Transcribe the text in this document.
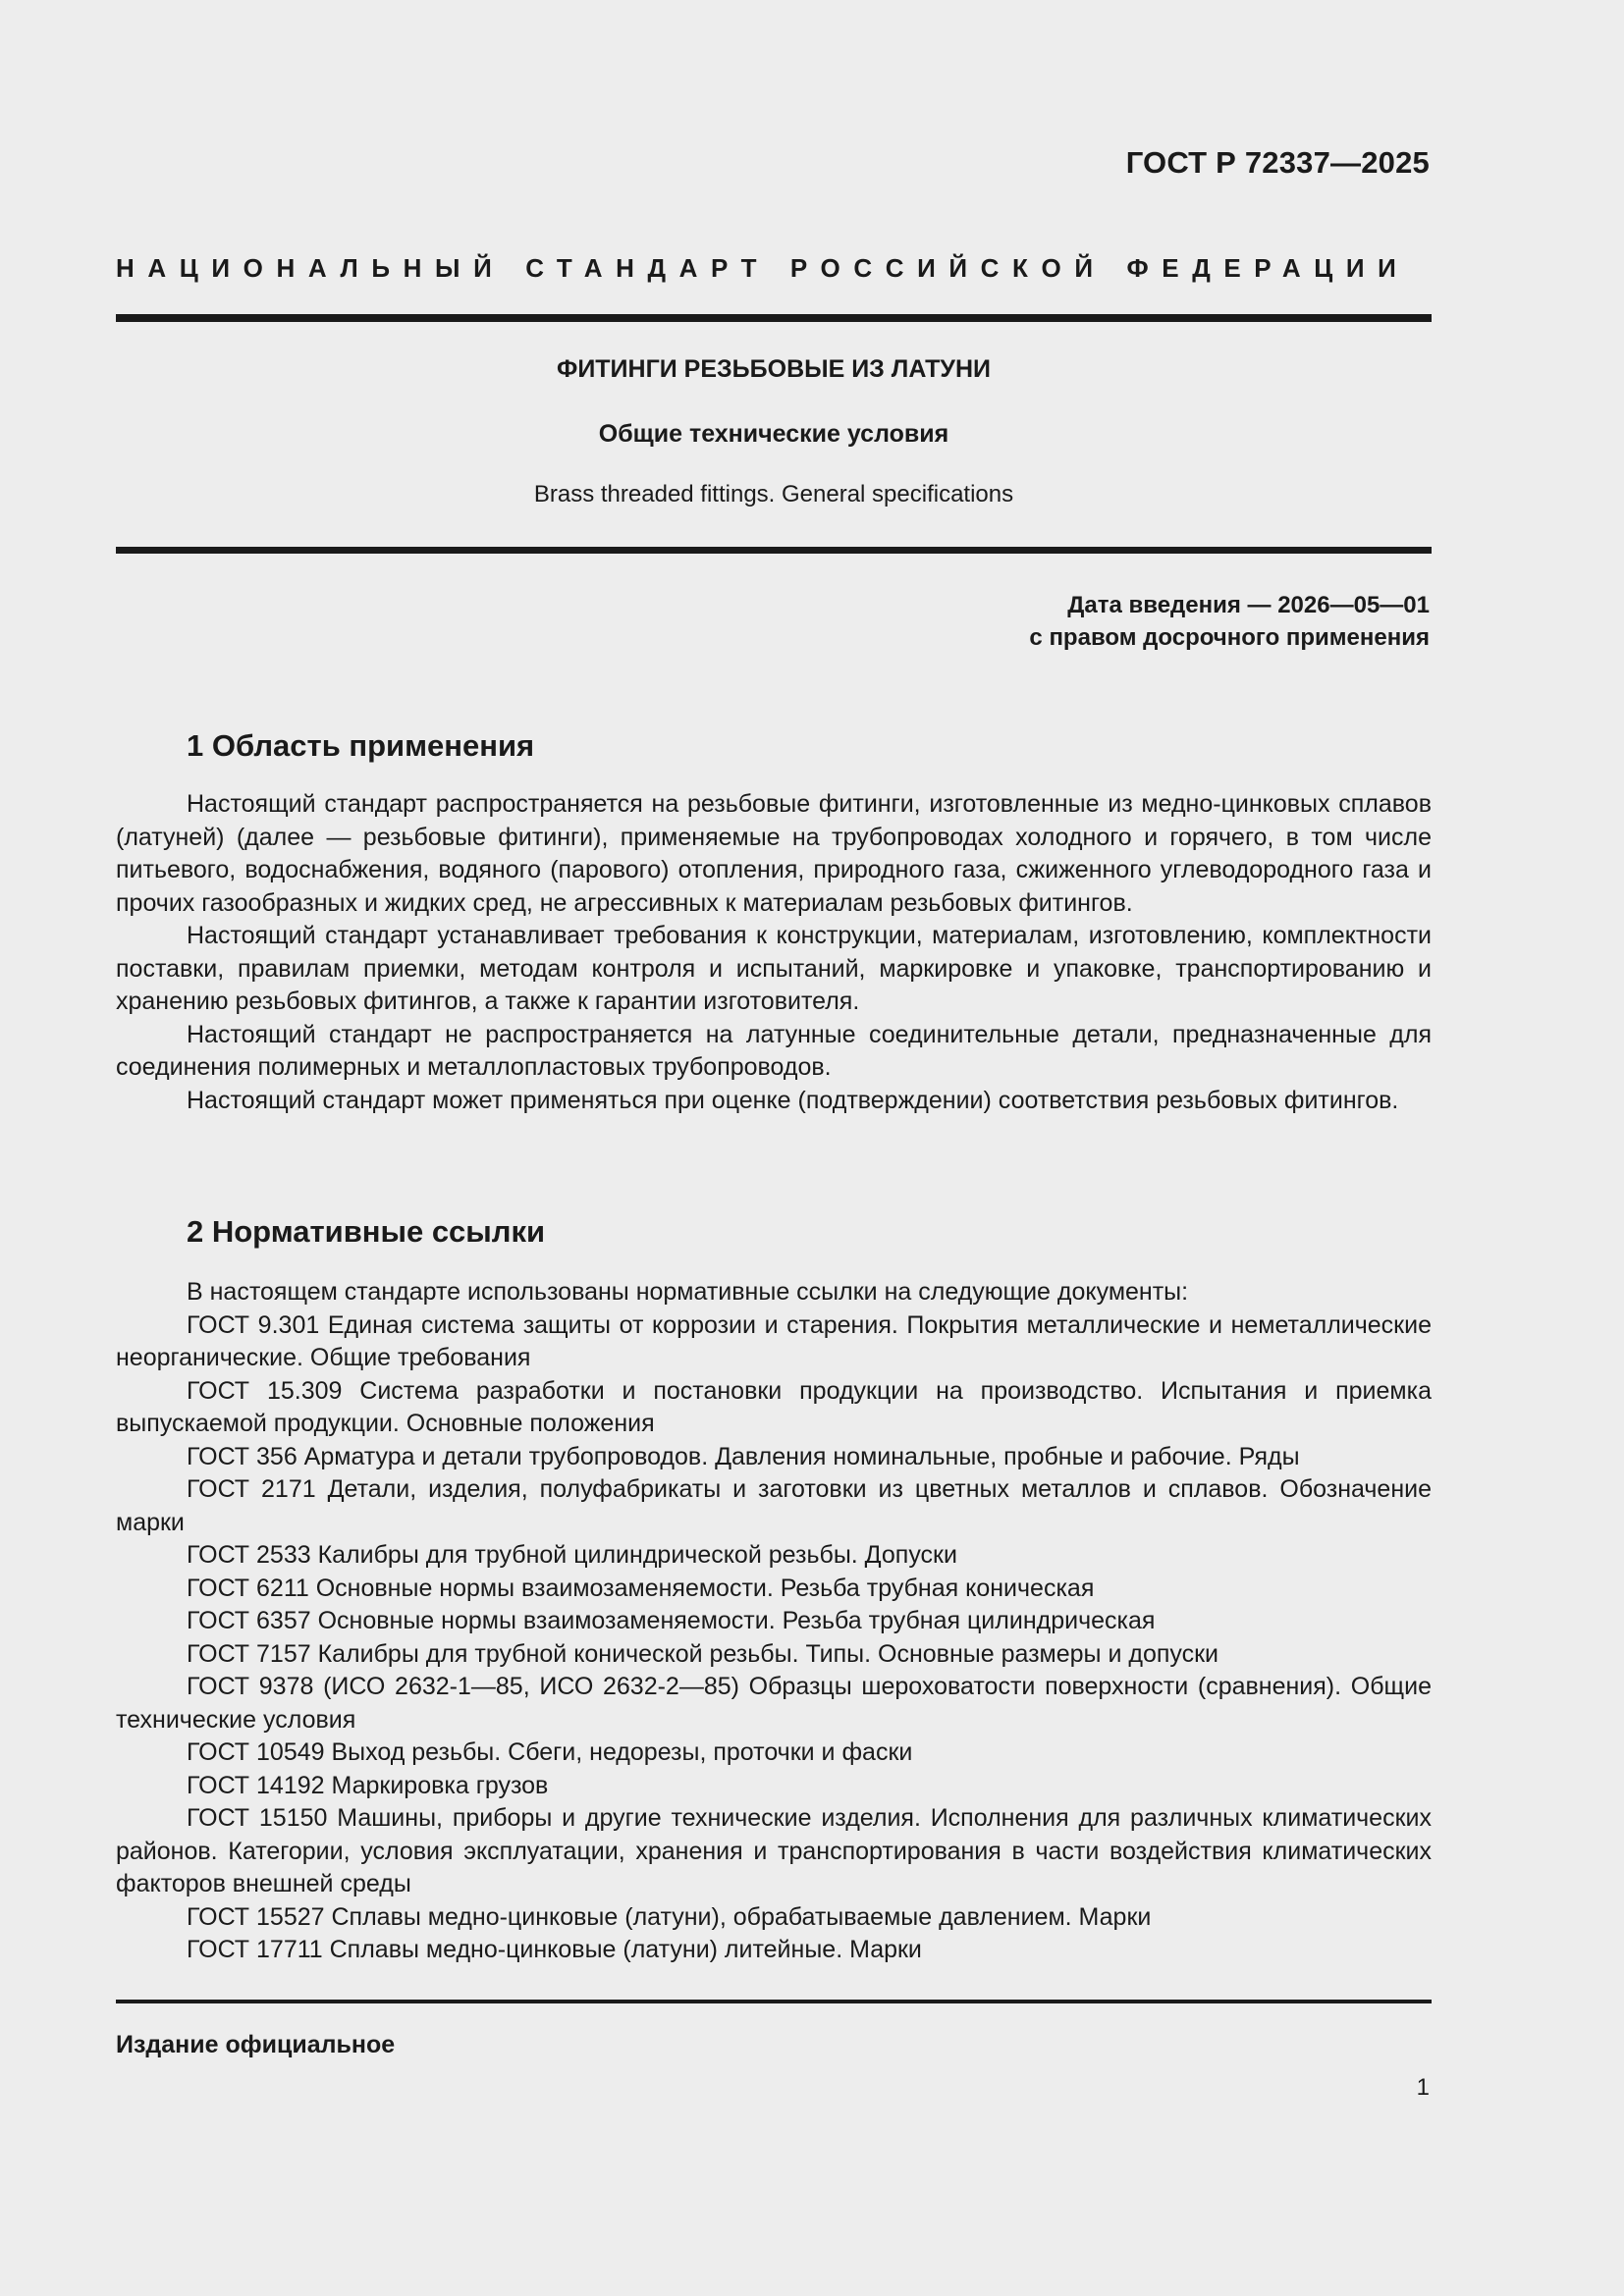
ГОСТ Р 72337—2025
НАЦИОНАЛЬНЫЙ СТАНДАРТ РОССИЙСКОЙ ФЕДЕРАЦИИ
ФИТИНГИ РЕЗЬБОВЫЕ ИЗ ЛАТУНИ
Общие технические условия
Brass threaded fittings. General specifications
Дата введения — 2026—05—01
с правом досрочного применения
1 Область применения

Настоящий стандарт распространяется на резьбовые фитинги, изготовленные из медно-цинковых сплавов (латуней) (далее — резьбовые фитинги), применяемые на трубопроводах холодного и горячего, в том числе питьевого, водоснабжения, водяного (парового) отопления, природного газа, сжиженного углеводородного газа и прочих газообразных и жидких сред, не агрессивных к материалам резьбовых фитингов.

Настоящий стандарт устанавливает требования к конструкции, материалам, изготовлению, комплектности поставки, правилам приемки, методам контроля и испытаний, маркировке и упаковке, транспортированию и хранению резьбовых фитингов, а также к гарантии изготовителя.

Настоящий стандарт не распространяется на латунные соединительные детали, предназначенные для соединения полимерных и металлопластовых трубопроводов.

Настоящий стандарт может применяться при оценке (подтверждении) соответствия резьбовых фитингов.

2 Нормативные ссылки

В настоящем стандарте использованы нормативные ссылки на следующие документы:

ГОСТ 9.301 Единая система защиты от коррозии и старения. Покрытия металлические и неметаллические неорганические. Общие требования

ГОСТ 15.309 Система разработки и постановки продукции на производство. Испытания и приемка выпускаемой продукции. Основные положения

ГОСТ 356 Арматура и детали трубопроводов. Давления номинальные, пробные и рабочие. Ряды

ГОСТ 2171 Детали, изделия, полуфабрикаты и заготовки из цветных металлов и сплавов. Обозначение марки

ГОСТ 2533 Калибры для трубной цилиндрической резьбы. Допуски

ГОСТ 6211 Основные нормы взаимозаменяемости. Резьба трубная коническая

ГОСТ 6357 Основные нормы взаимозаменяемости. Резьба трубная цилиндрическая

ГОСТ 7157 Калибры для трубной конической резьбы. Типы. Основные размеры и допуски

ГОСТ 9378 (ИСО 2632-1—85, ИСО 2632-2—85) Образцы шероховатости поверхности (сравнения). Общие технические условия

ГОСТ 10549 Выход резьбы. Сбеги, недорезы, проточки и фаски

ГОСТ 14192 Маркировка грузов

ГОСТ 15150 Машины, приборы и другие технические изделия. Исполнения для различных климатических районов. Категории, условия эксплуатации, хранения и транспортирования в части воздействия климатических факторов внешней среды

ГОСТ 15527 Сплавы медно-цинковые (латуни), обрабатываемые давлением. Марки

ГОСТ 17711 Сплавы медно-цинковые (латуни) литейные. Марки

Издание официальное
1
